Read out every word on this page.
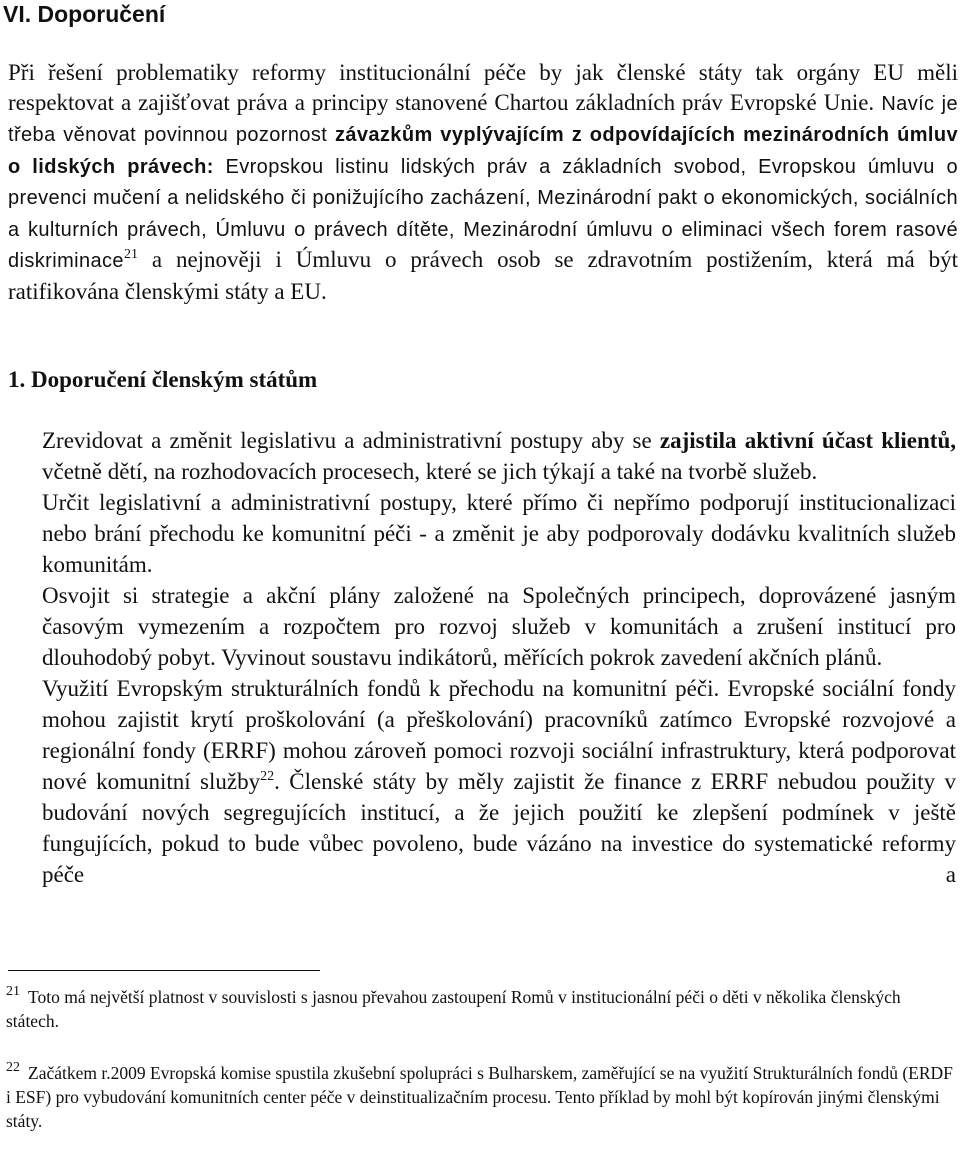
VI. Doporučení

Při řešení problematiky reformy institucionální péče by jak členské státy tak orgány EU měli respektovat a zajišťovat práva a principy stanovené Chartou základních práv Evropské Unie. Navíc je třeba věnovat povinnou pozornost závazkům vyplývajícím z odpovídajících mezinárodních úmluv o lidských právech: Evropskou listinu lidských práv a základních svobod, Evropskou úmluvu o prevenci mučení a nelidského či ponižujícího zacházení, Mezinárodní pakt o ekonomických, sociálních a kulturních právech, Úmluvu o právech dítěte, Mezinárodní úmluvu o eliminaci všech forem rasové diskriminace$^{21}$ a nejnověji i Úmluvu o právech osob se zdravotním postižením, která má být ratifikována členskými státy a EU.

1. Doporučení členským státům
Zrevidovat a změnit legislativu a administrativní postupy aby se zajistila aktivní účast klientů, včetně dětí, na rozhodovacích procesech, které se jich týkají a také na tvorbě služeb.
Určit legislativní a administrativní postupy, které přímo či nepřímo podporují institucionalizaci nebo brání přechodu ke komunitní péči - a změnit je aby podporovaly dodávku kvalitních služeb komunitám.
Osvojit si strategie a akční plány založené na Společných principech, doprovázené jasným časovým vymezením a rozpočtem pro rozvoj služeb v komunitách a zrušení institucí pro dlouhodobý pobyt. Vyvinout soustavu indikátorů, měřících pokrok zavedení akčních plánů.
Využití Evropským strukturálních fondů k přechodu na komunitní péči. Evropské sociální fondy mohou zajistit krytí proškolování (a přeškolování) pracovníků zatímco Evropské rozvojové a regionální fondy (ERRF) mohou zároveň pomoci rozvoji sociální infrastruktury, která podporovat nové komunitní služby$^{22}$. Členské státy by měly zajistit že finance z ERRF nebudou použity v budování nových segregujících institucí, a že jejich použití ke zlepšení podmínek v ještě fungujících, pokud to bude vůbec povoleno, bude vázáno na investice do systematické reformy péče a

$^{21}$ Toto má největší platnost v souvislosti s jasnou převahou zastoupení Romů v institucionální péči o děti v několika členských státech.

$^{22}$ Začátkem r.2009 Evropská komise spustila zkušební spolupráci s Bulharskem, zaměřující se na využití Strukturálních fondů (ERDF i ESF) pro vybudování komunitních center péče v deinstitualizačním procesu. Tento příklad by mohl být kopírován jinými členskými státy.
